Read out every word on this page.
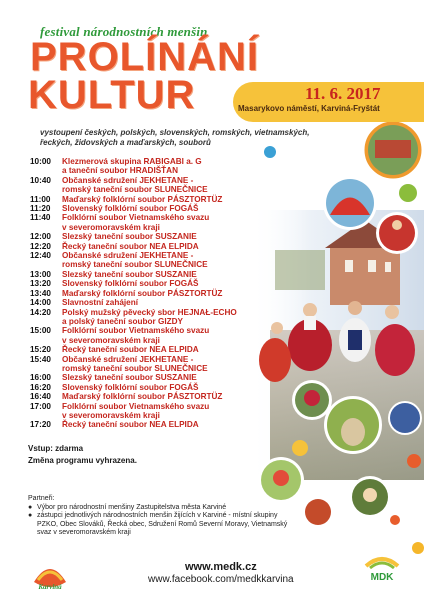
festival národnostních menšin
PROLÍNÁNÍ
KULTUR	11. 6. 2017
Masarykovo náměstí, Karviná-Fryštát
vystoupení českých, polských, slovenských, romských, vietnamských, řeckých, židovských a maďarských, souborů
10:00	Klezmerová skupina RABIGABI a. G
a taneční soubor HRADIŠŤAN
10:40	Občanské sdružení JEKHETANE -
romský taneční soubor SLUNEČNICE
11:00	Maďarský folklórní soubor PÁSZTORTÜZ
11:20	Slovenský folklórní soubor FOGÁŠ
11:40	Folklórní soubor Vietnamského svazu
v severomoravském kraji
12:00	Slezský taneční soubor SUSZANIE
12:20	Řecký taneční soubor NEA ELPIDA
12:40	Občanské sdružení JEKHETANE -
romský taneční soubor SLUNEČNICE
13:00	Slezský taneční soubor SUSZANIE
13:20	Slovenský folklórní soubor FOGÁŠ
13:40	Maďarský folklórní soubor PÁSZTORTÜZ
14:00	Slavnostní zahájení
14:20	Polský mužský pěvecký sbor HEJNAŁ-ECHO
a polský taneční soubor GIZDY
15:00	Folklórní soubor Vietnamského svazu
v severomoravském kraji
15:20	Řecký taneční soubor NEA ELPIDA
15:40	Občanské sdružení JEKHETANE -
romský taneční soubor SLUNEČNICE
16:00	Slezský taneční soubor SUSZANIE
16:20	Slovenský folklórní soubor FOGÁŠ
16:40	Maďarský folklórní soubor PÁSZTORTÜZ
17:00	Folklórní soubor Vietnamského svazu
v severomoravském kraji
17:20	Řecký taneční soubor NEA ELPIDA
Vstup: zdarma
Změna programu vyhrazena.
Partneři:
● Výbor pro národnostní menšiny Zastupitelstva města Karviné
● zástupci jednotlivých národnostních menšin žijících v Karviné - místní skupiny PZKO, Obec Slováků, Řecká obec, Sdružení Romů Severní Moravy, Vietnamský svaz v severomoravském kraji
Karviná
www.medk.cz
www.facebook.com/medkkarvina	MDK
